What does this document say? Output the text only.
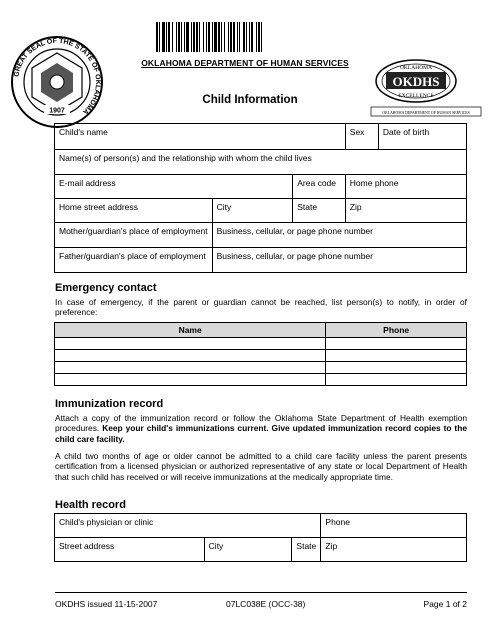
GREAT SEAL OF THE STATE OF OKLAHOMA
1907
OKLAHOMA DEPARTMENT OF HUMAN SERVICES	OKLAHOMA
OKDHS
EXCELLENCE
OKLAHOMA DEPARTMENT OF HUMAN SERVICES
Child Information
Child's name			Sex	Date of birth
Name(s) of person(s) and the relationship with whom the child lives				
E-mail address		Area code	Home phone	
Home street address	City	State	Zip	
Mother/guardian's place of employment	Business, cellular, or page phone number			
Father/guardian's place of employment	Business, cellular, or page phone number			
Emergency contact
In case of emergency, if the parent or guardian cannot be reached, list person(s) to notify, in order of preference:
Name	Phone

Immunization record
Attach a copy of the immunization record or follow the Oklahoma State Department of Health exemption procedures. Keep your child's immunizations current. Give updated immunization record copies to the child care facility.
A child two months of age or older cannot be admitted to a child care facility unless the parent presents certification from a licensed physician or authorized representative of any state or local Department of Health that such child has received or will receive immunizations at the medically appropriate time.
Health record
Child's physician or clinic			Phone
Street address	City	State	Zip
OKDHS issued 11-15-2007	07LC038E (OCC-38)	Page 1 of 2
